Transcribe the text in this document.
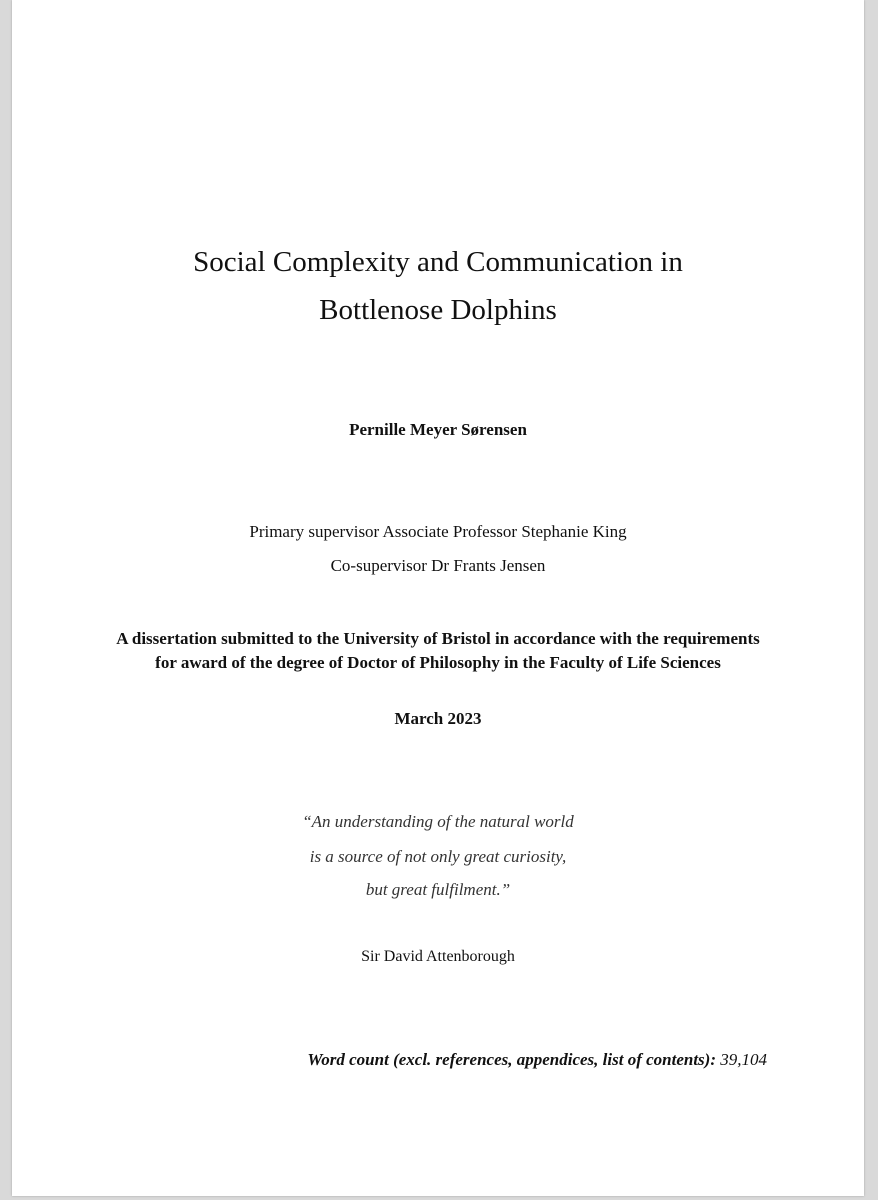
Social Complexity and Communication in
Bottlenose Dolphins
Pernille Meyer Sørensen
Primary supervisor Associate Professor Stephanie King
Co-supervisor Dr Frants Jensen
A dissertation submitted to the University of Bristol in accordance with the requirements for award of the degree of Doctor of Philosophy in the Faculty of Life Sciences
March 2023
“An understanding of the natural world
is a source of not only great curiosity,
but great fulfilment.”
Sir David Attenborough
Word count (excl. references, appendices, list of contents): 39,104
